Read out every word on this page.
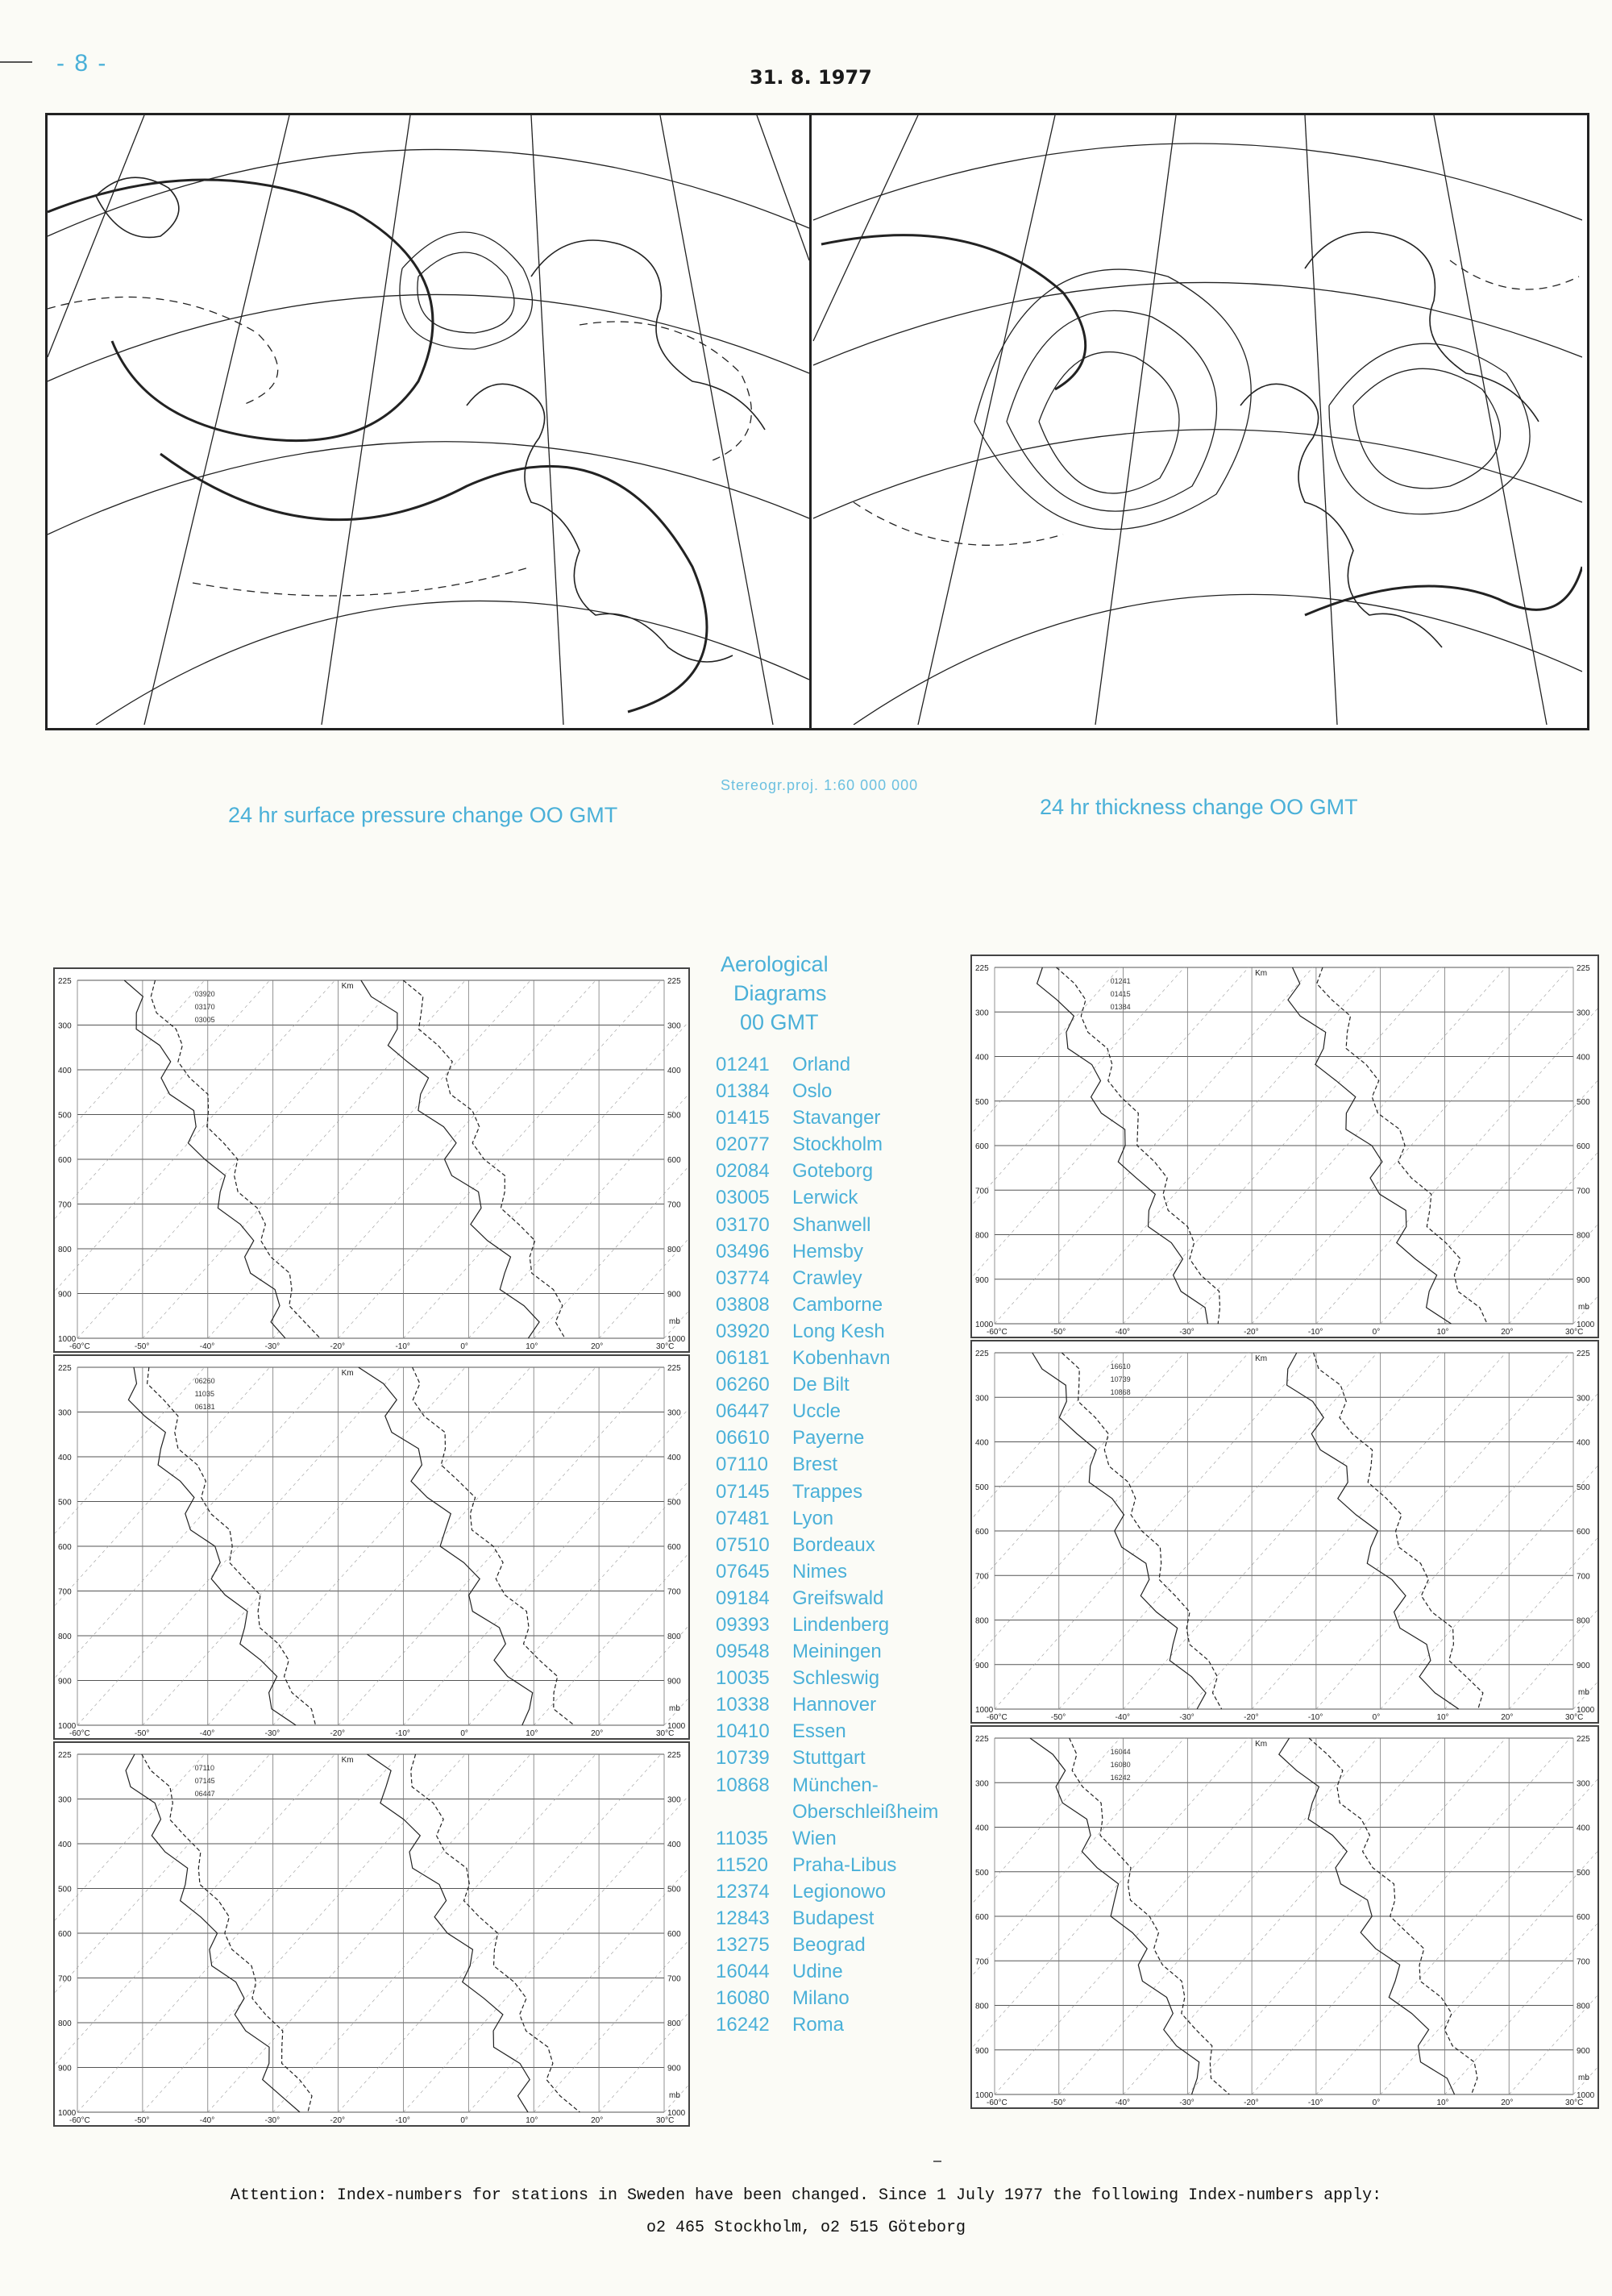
- 8 -
31. 8. 1977
24 hr surface pressure change OO GMT
Stereogr.proj. 1:60 000 000
24 hr thickness change OO GMT
225	225
300	300
400	400
500	500
600	600
700	700
800	800
900	900
1000	1000
-60°C	-50°	-40°	-30°	-20°	-10°	0°	10°	20°	30°C
03920
03170
03005
Km
mb
225	225
300	300
400	400
500	500
600	600
700	700
800	800
900	900
1000	1000
-60°C	-50°	-40°	-30°	-20°	-10°	0°	10°	20°	30°C
06260
11035
06181
Km
mb
225	225
300	300
400	400
500	500
600	600
700	700
800	800
900	900
1000	1000
-60°C	-50°	-40°	-30°	-20°	-10°	0°	10°	20°	30°C
07110
07145
06447
Km
mb
225	225
300	300
400	400
500	500
600	600
700	700
800	800
900	900
1000	1000
-60°C	-50°	-40°	-30°	-20°	-10°	0°	10°	20°	30°C
01241
01415
01384
Km
mb
225	225
300	300
400	400
500	500
600	600
700	700
800	800
900	900
1000	1000
-60°C	-50°	-40°	-30°	-20°	-10°	0°	10°	20°	30°C
16610
10739
10868
Km
mb
225	225
300	300
400	400
500	500
600	600
700	700
800	800
900	900
1000	1000
-60°C	-50°	-40°	-30°	-20°	-10°	0°	10°	20°	30°C
16044
16080
16242
Km
mb
Aerological
Diagrams
00 GMT
01241	Orland
01384	Oslo
01415	Stavanger
02077	Stockholm
02084	Goteborg
03005	Lerwick
03170	Shanwell
03496	Hemsby
03774	Crawley
03808	Camborne
03920	Long Kesh
06181	Kobenhavn
06260	De Bilt
06447	Uccle
06610	Payerne
07110	Brest
07145	Trappes
07481	Lyon
07510	Bordeaux
07645	Nimes
09184	Greifswald
09393	Lindenberg
09548	Meiningen
10035	Schleswig
10338	Hannover
10410	Essen
10739	Stuttgart
10868	München-
Oberschleißheim
11035	Wien
11520	Praha-Libus
12374	Legionowo
12843	Budapest
13275	Beograd
16044	Udine
16080	Milano
16242	Roma
Attention: Index-numbers for stations in Sweden have been changed. Since 1 July 1977 the following Index-numbers apply:
o2 465 Stockholm, o2 515 Göteborg
